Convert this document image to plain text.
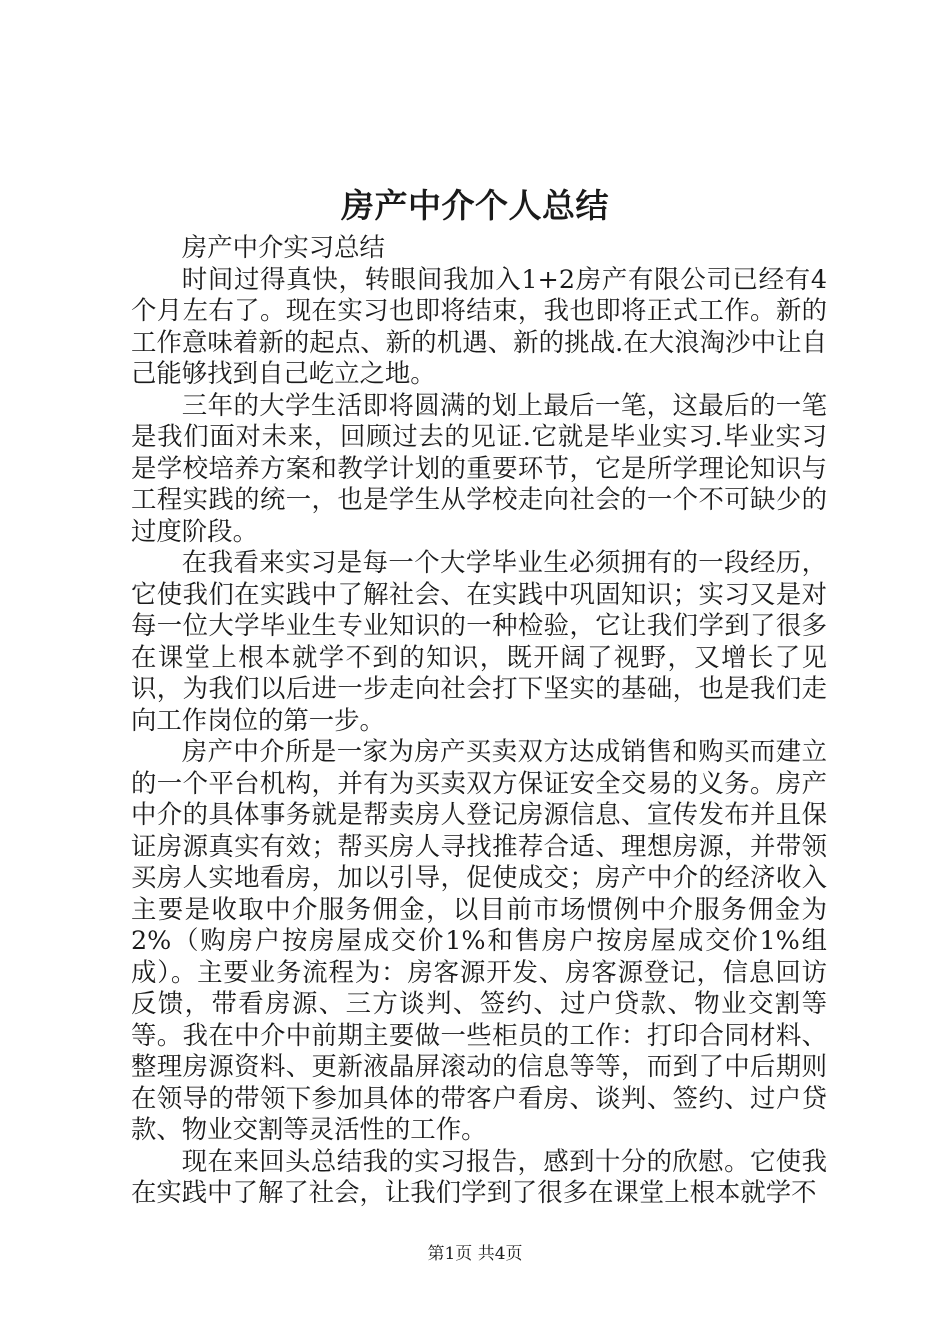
房产中介个人总结

房产中介实习总结

时间过得真快，转眼间我加入1+2房产有限公司已经有4个月左右了。现在实习也即将结束，我也即将正式工作。新的工作意味着新的起点、新的机遇、新的挑战.在大浪淘沙中让自己能够找到自己屹立之地。

三年的大学生活即将圆满的划上最后一笔，这最后的一笔是我们面对未来，回顾过去的见证.它就是毕业实习.毕业实习是学校培养方案和教学计划的重要环节，它是所学理论知识与工程实践的统一，也是学生从学校走向社会的一个不可缺少的过度阶段。

在我看来实习是每一个大学毕业生必须拥有的一段经历，它使我们在实践中了解社会、在实践中巩固知识；实习又是对每一位大学毕业生专业知识的一种检验，它让我们学到了很多在课堂上根本就学不到的知识，既开阔了视野，又增长了见识，为我们以后进一步走向社会打下坚实的基础，也是我们走向工作岗位的第一步。

房产中介所是一家为房产买卖双方达成销售和购买而建立的一个平台机构，并有为买卖双方保证安全交易的义务。房产中介的具体事务就是帮卖房人登记房源信息、宣传发布并且保证房源真实有效；帮买房人寻找推荐合适、理想房源，并带领买房人实地看房，加以引导，促使成交；房产中介的经济收入主要是收取中介服务佣金，以目前市场惯例中介服务佣金为2%（购房户按房屋成交价1%和售房户按房屋成交价1%组成）。主要业务流程为：房客源开发、房客源登记，信息回访反馈，带看房源、三方谈判、签约、过户贷款、物业交割等等。我在中介中前期主要做一些柜员的工作：打印合同材料、整理房源资料、更新液晶屏滚动的信息等等，而到了中后期则在领导的带领下参加具体的带客户看房、谈判、签约、过户贷款、物业交割等灵活性的工作。

现在来回头总结我的实习报告，感到十分的欣慰。它使我在实践中了解了社会，让我们学到了很多在课堂上根本就学不

第1页 共4页
